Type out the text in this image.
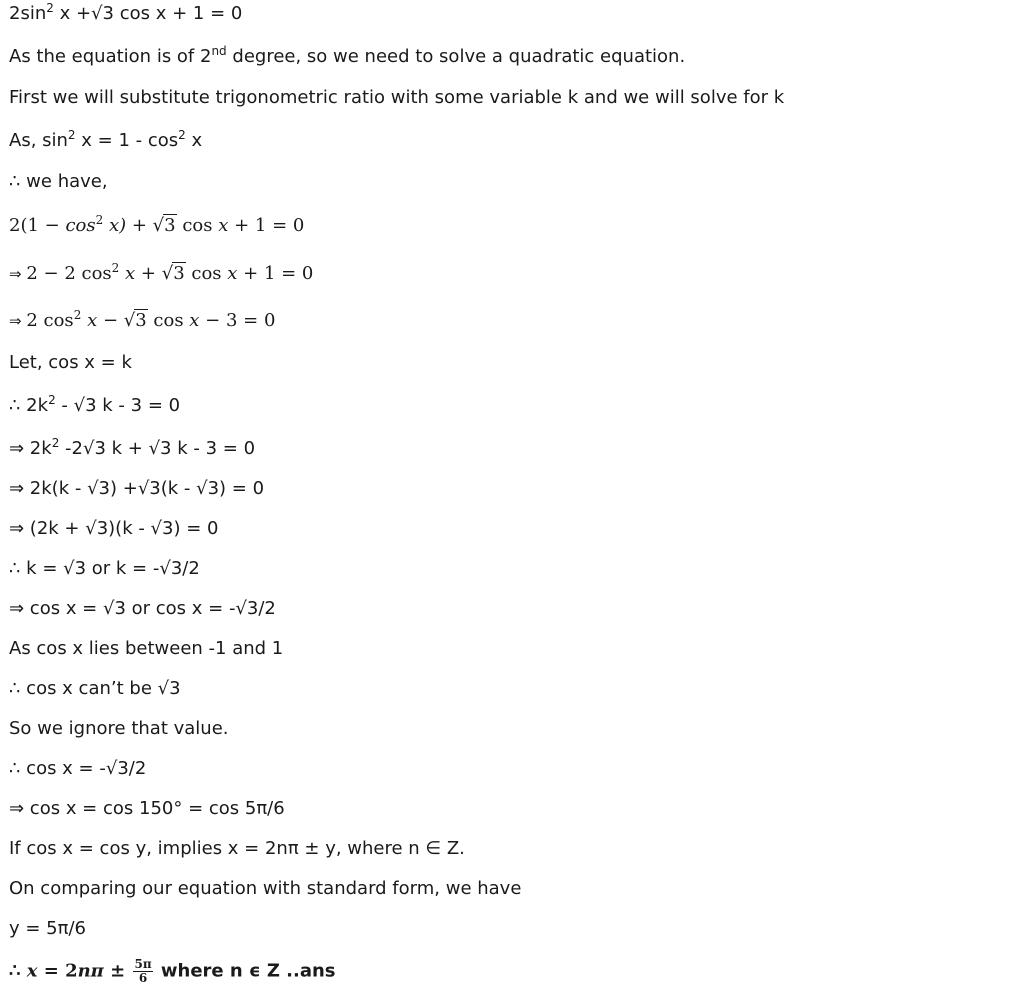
$2\sin^2$ x +√3 cos x + 1 = 0
As the equation is of 2nd degree, so we need to solve a quadratic equation.
First we will substitute trigonometric ratio with some variable k and we will solve for k
As, $\sin^2 x = 1 - \cos^2 x$
∴ we have,
$2(1 - \cos^2 x) + √3$ cos x + 1 = 0
⇒ 2 − 2 $\cos^2 x + √3$ cos x + 1 = 0
⇒ 2 $\cos^2 x - √3$ cos x − 3 = 0
Let, cos x = k
∴ $2k^2 - √3$ k - 3 = 0
⇒ $2k^2$ -2√3 k + √3 k - 3 = 0
⇒ 2k(k - √3) +√3(k - √3) = 0
⇒ (2k + √3)(k - √3) = 0
∴ k = √3 or k = -√3/2
⇒ cos x = √3 or cos x = -√3/2
As cos x lies between -1 and 1
∴ cos x can’t be √3
So we ignore that value.
∴ cos x = -√3/2
⇒ cos x = cos 150° = cos 5π/6
If cos x = cos y, implies x = 2nπ ± y, where n ∈ Z.
On comparing our equation with standard form, we have
y = 5π/6
∴ $x = 2n\pi \pm \frac{5\pi}{6}$ where n ϵ Z ..ans
